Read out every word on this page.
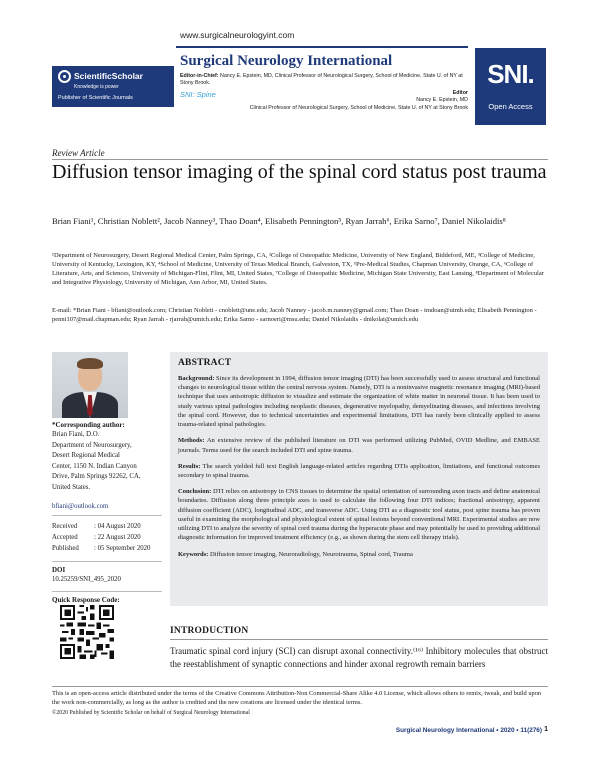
ScientificScholar
Knowledge is power
Publisher of Scientific Journals
www.surgicalneurologyint.com
Surgical Neurology International
Editor-in-Chief: Nancy E. Epstein, MD, Clinical Professor of Neurological Surgery, School of Medicine, State U. of NY at Stony Brook.
SNI: Spine	Editor
Nancy E. Epstein, MD
Clinical Professor of Neurological Surgery, School of Medicine, State U. of NY at Stony Brook
SNI.
Open Access
Review Article
Diffusion tensor imaging of the spinal cord status post trauma
Brian Fiani¹, Christian Noblett², Jacob Nanney³, Thao Doan⁴, Elisabeth Pennington⁵, Ryan Jarrah⁶, Erika Sarno⁷, Daniel Nikolaidis⁸
¹Department of Neurosurgery, Desert Regional Medical Center, Palm Springs, CA, ²College of Osteopathic Medicine, University of New England, Biddeford, ME, ³College of Medicine, University of Kentucky, Lexington, KY, ⁴School of Medicine, University of Texas Medical Branch, Galveston, TX, ⁵Pre-Medical Studies, Chapman University, Orange, CA, ⁶College of Literature, Arts, and Sciences, University of Michigan-Flint, Flint, MI, United States, ⁷College of Osteopathic Medicine, Michigan State University, East Lansing, ⁸Department of Molecular and Integrative Physiology, University of Michigan, Ann Arbor, MI, United States.
E-mail: *Brian Fiani - bfiani@outlook.com; Christian Noblett - cnoblett@une.edu; Jacob Nanney - jacob.m.nanney@gmail.com; Thao Doan - tmdoan@utmb.edu; Elisabeth Pennington - penni107@mail.chapman.edu; Ryan Jarrah - rjarrah@umich.edu; Erika Sarno - sarnoeri@msu.edu; Daniel Nikolaidis - dnikolai@umich.edu
*Corresponding author:
Brian Fiani, D.O.
Department of Neurosurgery,
Desert Regional Medical
Center, 1150 N. Indian Canyon
Drive, Palm Springs 92262, CA,
United States.
bfiani@outlook.com
Received	: 04 August 2020
Accepted	: 22 August 2020
Published	: 05 September 2020
DOI
10.25259/SNI_495_2020
Quick Response Code:
ABSTRACT

Background: Since its development in 1994, diffusion tensor imaging (DTI) has been successfully used to assess structural and functional changes to neurological tissue within the central nervous system. Namely, DTI is a noninvasive magnetic resonance imaging (MRI)-based technique that uses anisotropic diffusion to visualize and estimate the organization of white matter in neuronal tissue. It has been used to study various spinal pathologies including neoplastic diseases, degenerative myelopathy, demyelinating diseases, and infections involving the spinal cord. However, due to technical uncertainties and experimental limitations, DTI has rarely been clinically applied to assess trauma-related spinal pathologies.

Methods: An extensive review of the published literature on DTI was performed utilizing PubMed, OVID Medline, and EMBASE journals. Terms used for the search included DTI and spine trauma.

Results: The search yielded full text English language-related articles regarding DTIs application, limitations, and functional outcomes secondary to spinal trauma.

Conclusion: DTI relies on anisotropy in CNS tissues to determine the spatial orientation of surrounding axon tracts and define anatomical boundaries. Diffusion along three principle axes is used to calculate the following four DTI indices; fractional anisotropy, apparent diffusion coefficient (ADC), longitudinal ADC, and transverse ADC. Using DTI as a diagnostic tool status, post spine trauma has proven useful in examining the morphological and physiological extent of spinal lesions beyond conventional MRI. Experimental studies are now utilizing DTI to analyze the severity of spinal cord trauma during the hyperacute phase and may potentially be used to providing additional diagnostic information for improved treatment efficiency (e.g., as shown during the stem cell therapy trials).

Keywords: Diffusion tensor imaging, Neuroradiology, Neurotrauma, Spinal cord, Trauma

INTRODUCTION
Traumatic spinal cord injury (SCI) can disrupt axonal connectivity.⁽¹⁶⁾ Inhibitory molecules that obstruct the reestablishment of synaptic connections and hinder axonal regrowth remain barriers
This is an open-access article distributed under the terms of the Creative Commons Attribution-Non Commercial-Share Alike 4.0 License, which allows others to remix, tweak, and build upon the work non-commercially, as long as the author is credited and the new creations are licensed under the identical terms.
©2020 Published by Scientific Scholar on behalf of Surgical Neurology International
Surgical Neurology International • 2020 • 11(276) 1
